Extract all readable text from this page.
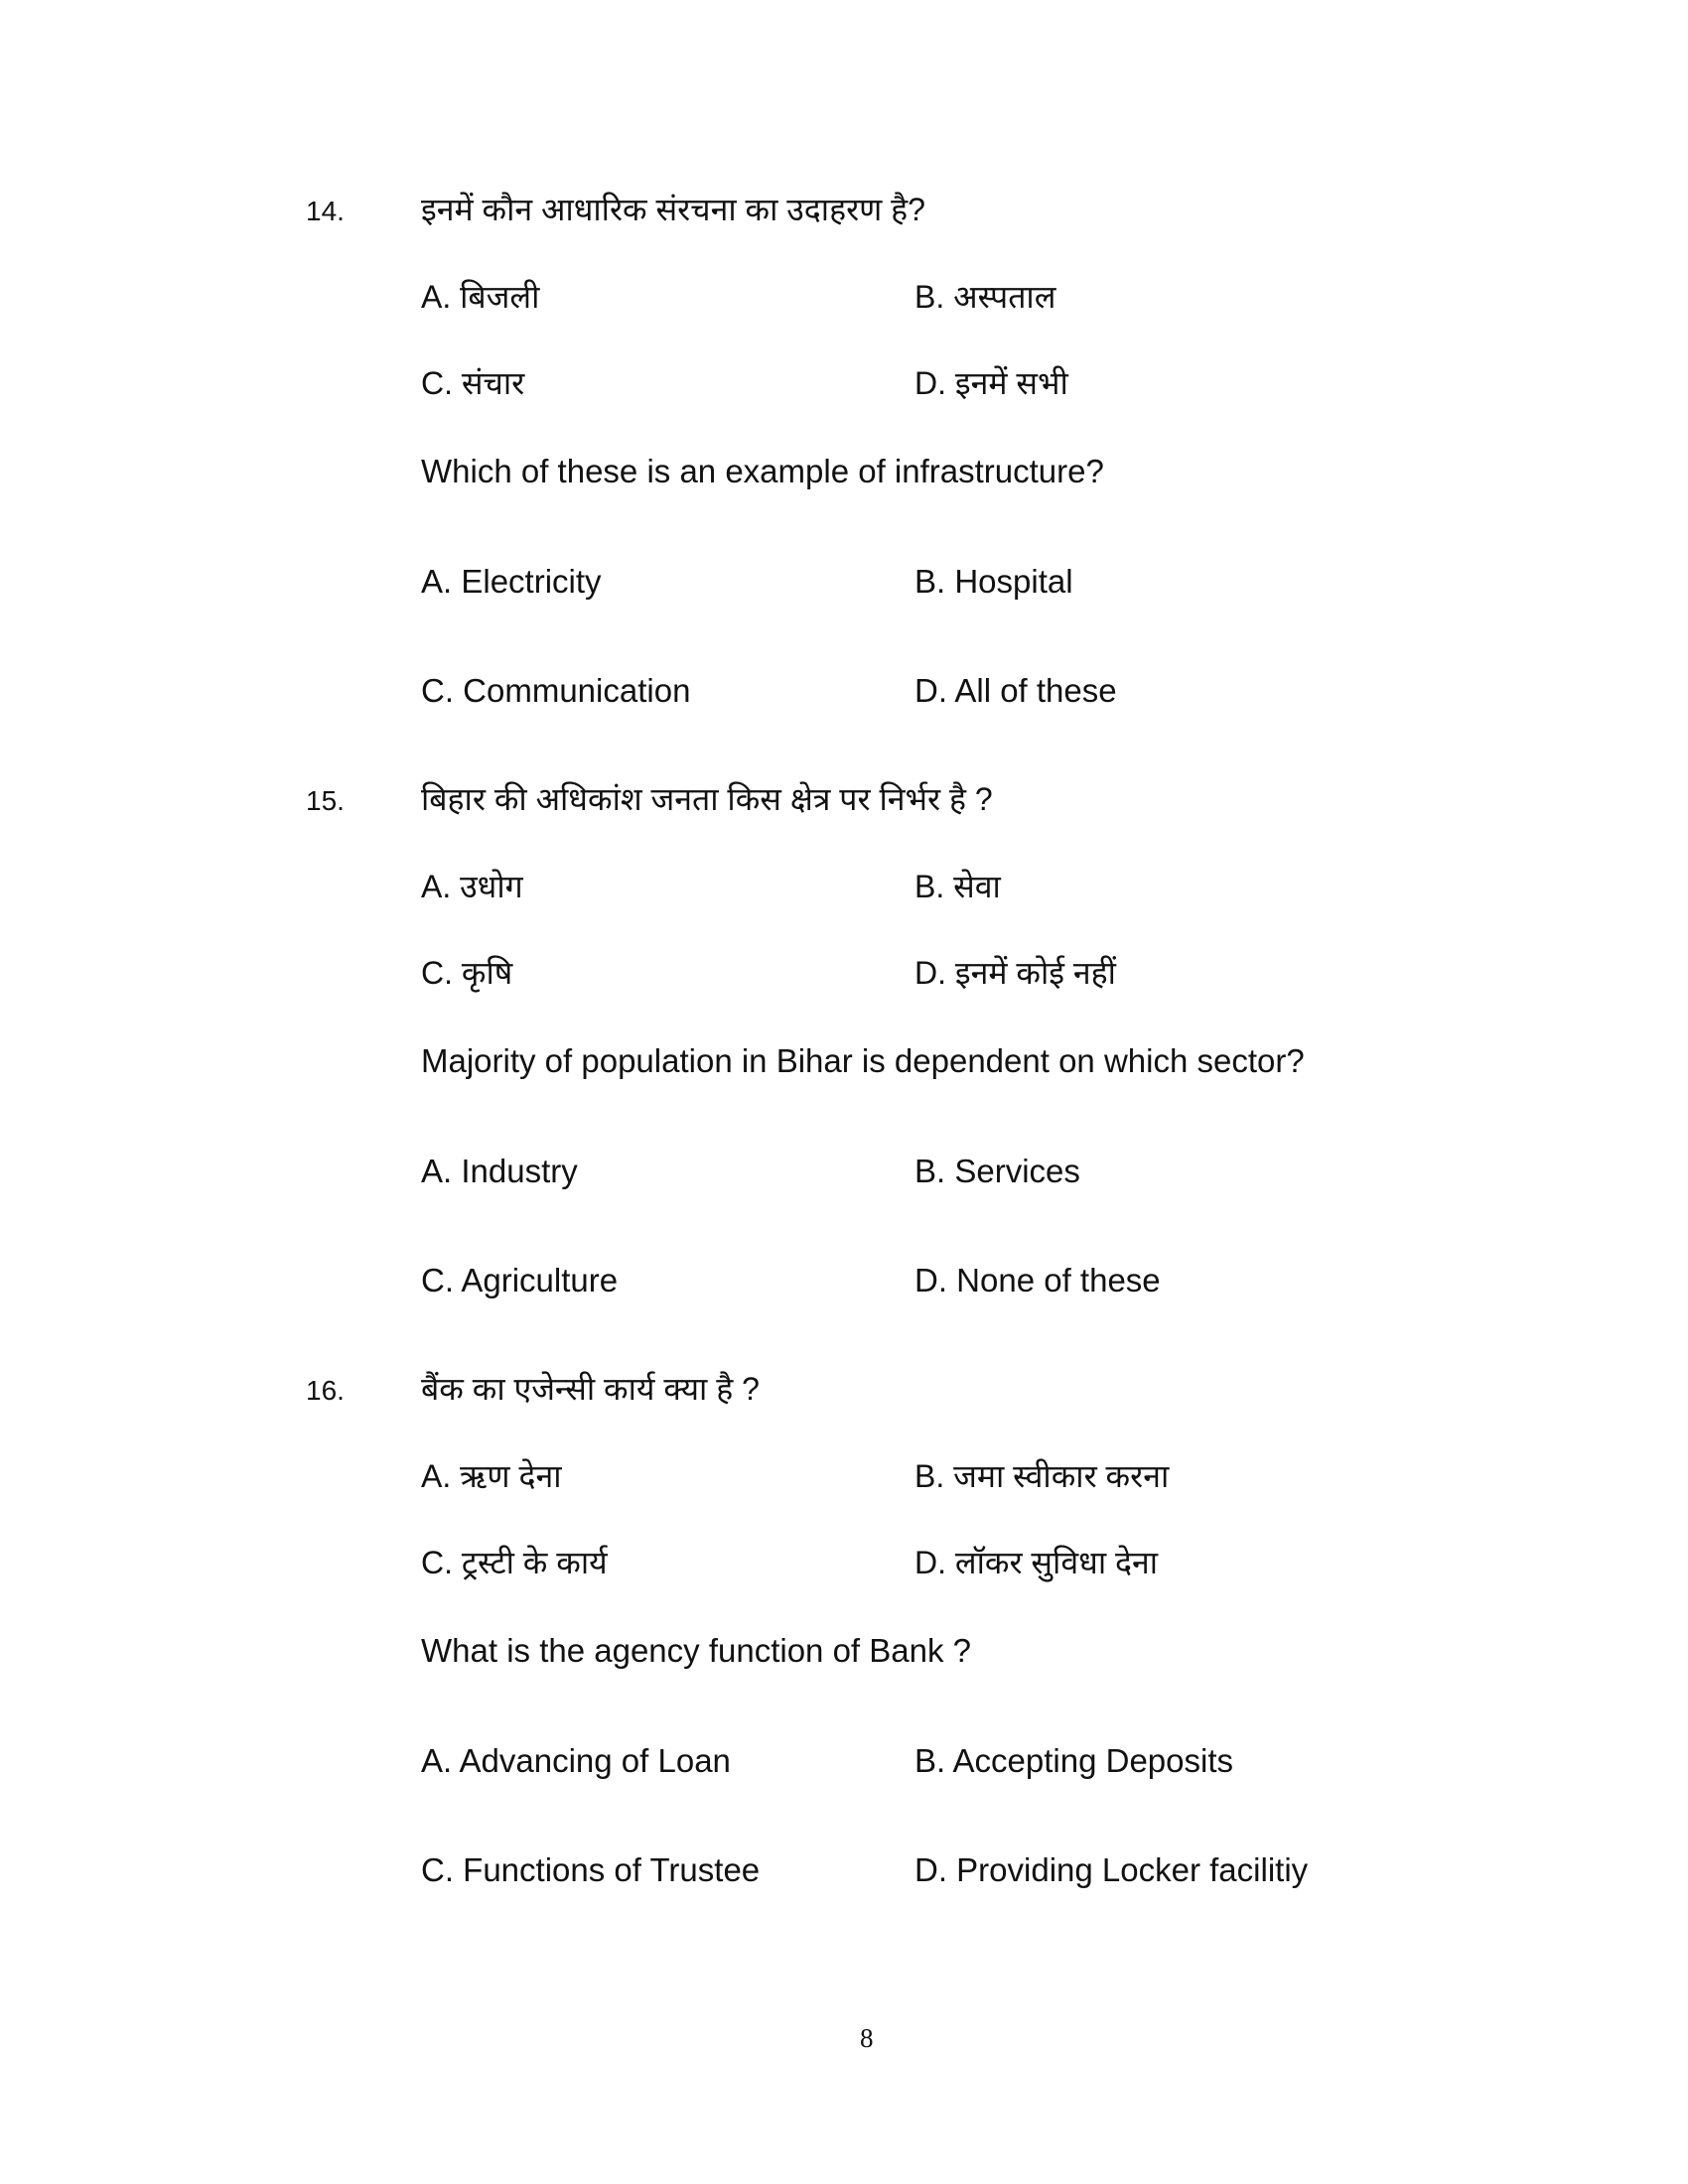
14. इनमें कौन आधारिक संरचना का उदाहरण है?
A. बिजली	B. अस्पताल
C. संचार	D. इनमें सभी
Which of these is an example of infrastructure?
A. Electricity	B. Hospital
C. Communication	D. All of these
15. बिहार की अधिकांश जनता किस क्षेत्र पर निर्भर है ?
A. उधोग	B. सेवा
C. कृषि	D. इनमें कोई नहीं
Majority of population in Bihar is dependent on which sector?
A. Industry	B. Services
C. Agriculture	D. None of these
16. बैंक का एजेन्सी कार्य क्या है ?
A. ऋण देना	B. जमा स्वीकार करना
C. ट्रस्टी के कार्य	D. लॉकर सुविधा देना
What is the agency function of Bank ?
A. Advancing of Loan	B. Accepting Deposits
C. Functions of Trustee	D. Providing Locker facilitiy
8
